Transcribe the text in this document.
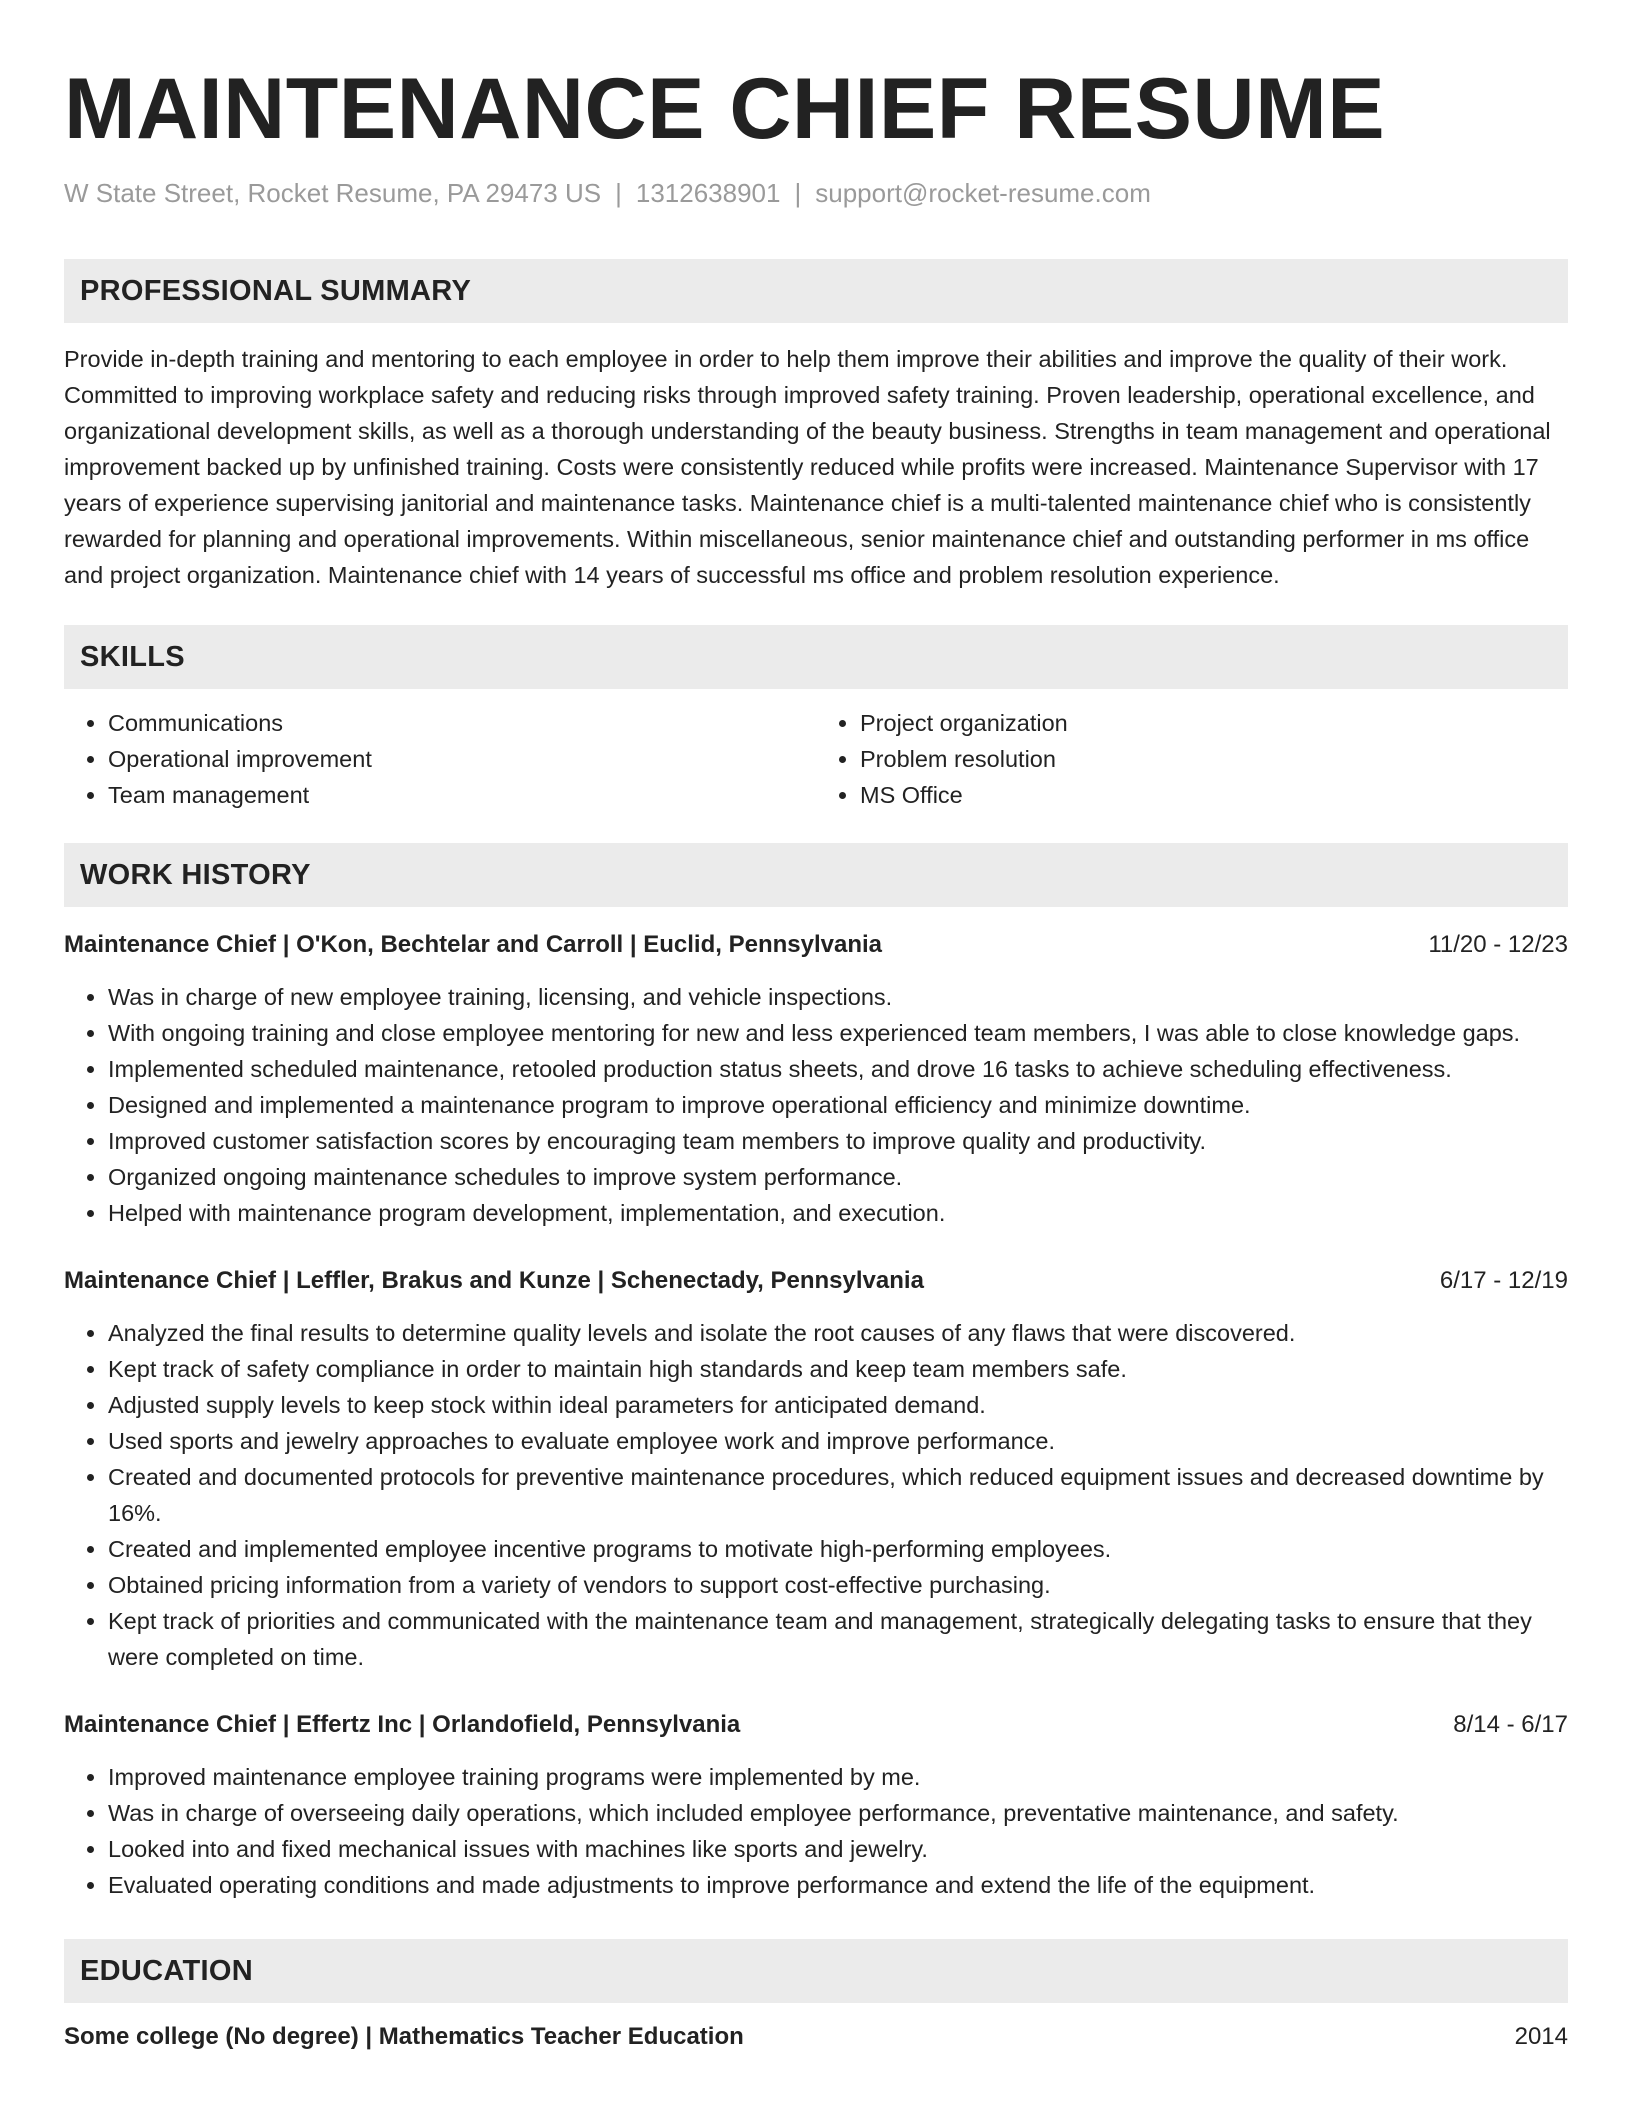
MAINTENANCE CHIEF RESUME
W State Street, Rocket Resume, PA 29473 US | 1312638901 | support@rocket-resume.com
PROFESSIONAL SUMMARY
Provide in-depth training and mentoring to each employee in order to help them improve their abilities and improve the quality of their work. Committed to improving workplace safety and reducing risks through improved safety training. Proven leadership, operational excellence, and organizational development skills, as well as a thorough understanding of the beauty business. Strengths in team management and operational improvement backed up by unfinished training. Costs were consistently reduced while profits were increased. Maintenance Supervisor with 17 years of experience supervising janitorial and maintenance tasks. Maintenance chief is a multi-talented maintenance chief who is consistently rewarded for planning and operational improvements. Within miscellaneous, senior maintenance chief and outstanding performer in ms office and project organization. Maintenance chief with 14 years of successful ms office and problem resolution experience.
SKILLS
• Communications
• Operational improvement
• Team management
• Project organization
• Problem resolution
• MS Office
WORK HISTORY
Maintenance Chief | O'Kon, Bechtelar and Carroll | Euclid, Pennsylvania	11/20 - 12/23
• Was in charge of new employee training, licensing, and vehicle inspections.
• With ongoing training and close employee mentoring for new and less experienced team members, I was able to close knowledge gaps.
• Implemented scheduled maintenance, retooled production status sheets, and drove 16 tasks to achieve scheduling effectiveness.
• Designed and implemented a maintenance program to improve operational efficiency and minimize downtime.
• Improved customer satisfaction scores by encouraging team members to improve quality and productivity.
• Organized ongoing maintenance schedules to improve system performance.
• Helped with maintenance program development, implementation, and execution.
Maintenance Chief | Leffler, Brakus and Kunze | Schenectady, Pennsylvania	6/17 - 12/19
• Analyzed the final results to determine quality levels and isolate the root causes of any flaws that were discovered.
• Kept track of safety compliance in order to maintain high standards and keep team members safe.
• Adjusted supply levels to keep stock within ideal parameters for anticipated demand.
• Used sports and jewelry approaches to evaluate employee work and improve performance.
• Created and documented protocols for preventive maintenance procedures, which reduced equipment issues and decreased downtime by 16%.
• Created and implemented employee incentive programs to motivate high-performing employees.
• Obtained pricing information from a variety of vendors to support cost-effective purchasing.
• Kept track of priorities and communicated with the maintenance team and management, strategically delegating tasks to ensure that they were completed on time.
Maintenance Chief | Effertz Inc | Orlandofield, Pennsylvania	8/14 - 6/17
• Improved maintenance employee training programs were implemented by me.
• Was in charge of overseeing daily operations, which included employee performance, preventative maintenance, and safety.
• Looked into and fixed mechanical issues with machines like sports and jewelry.
• Evaluated operating conditions and made adjustments to improve performance and extend the life of the equipment.
EDUCATION
Some college (No degree) | Mathematics Teacher Education	2014
